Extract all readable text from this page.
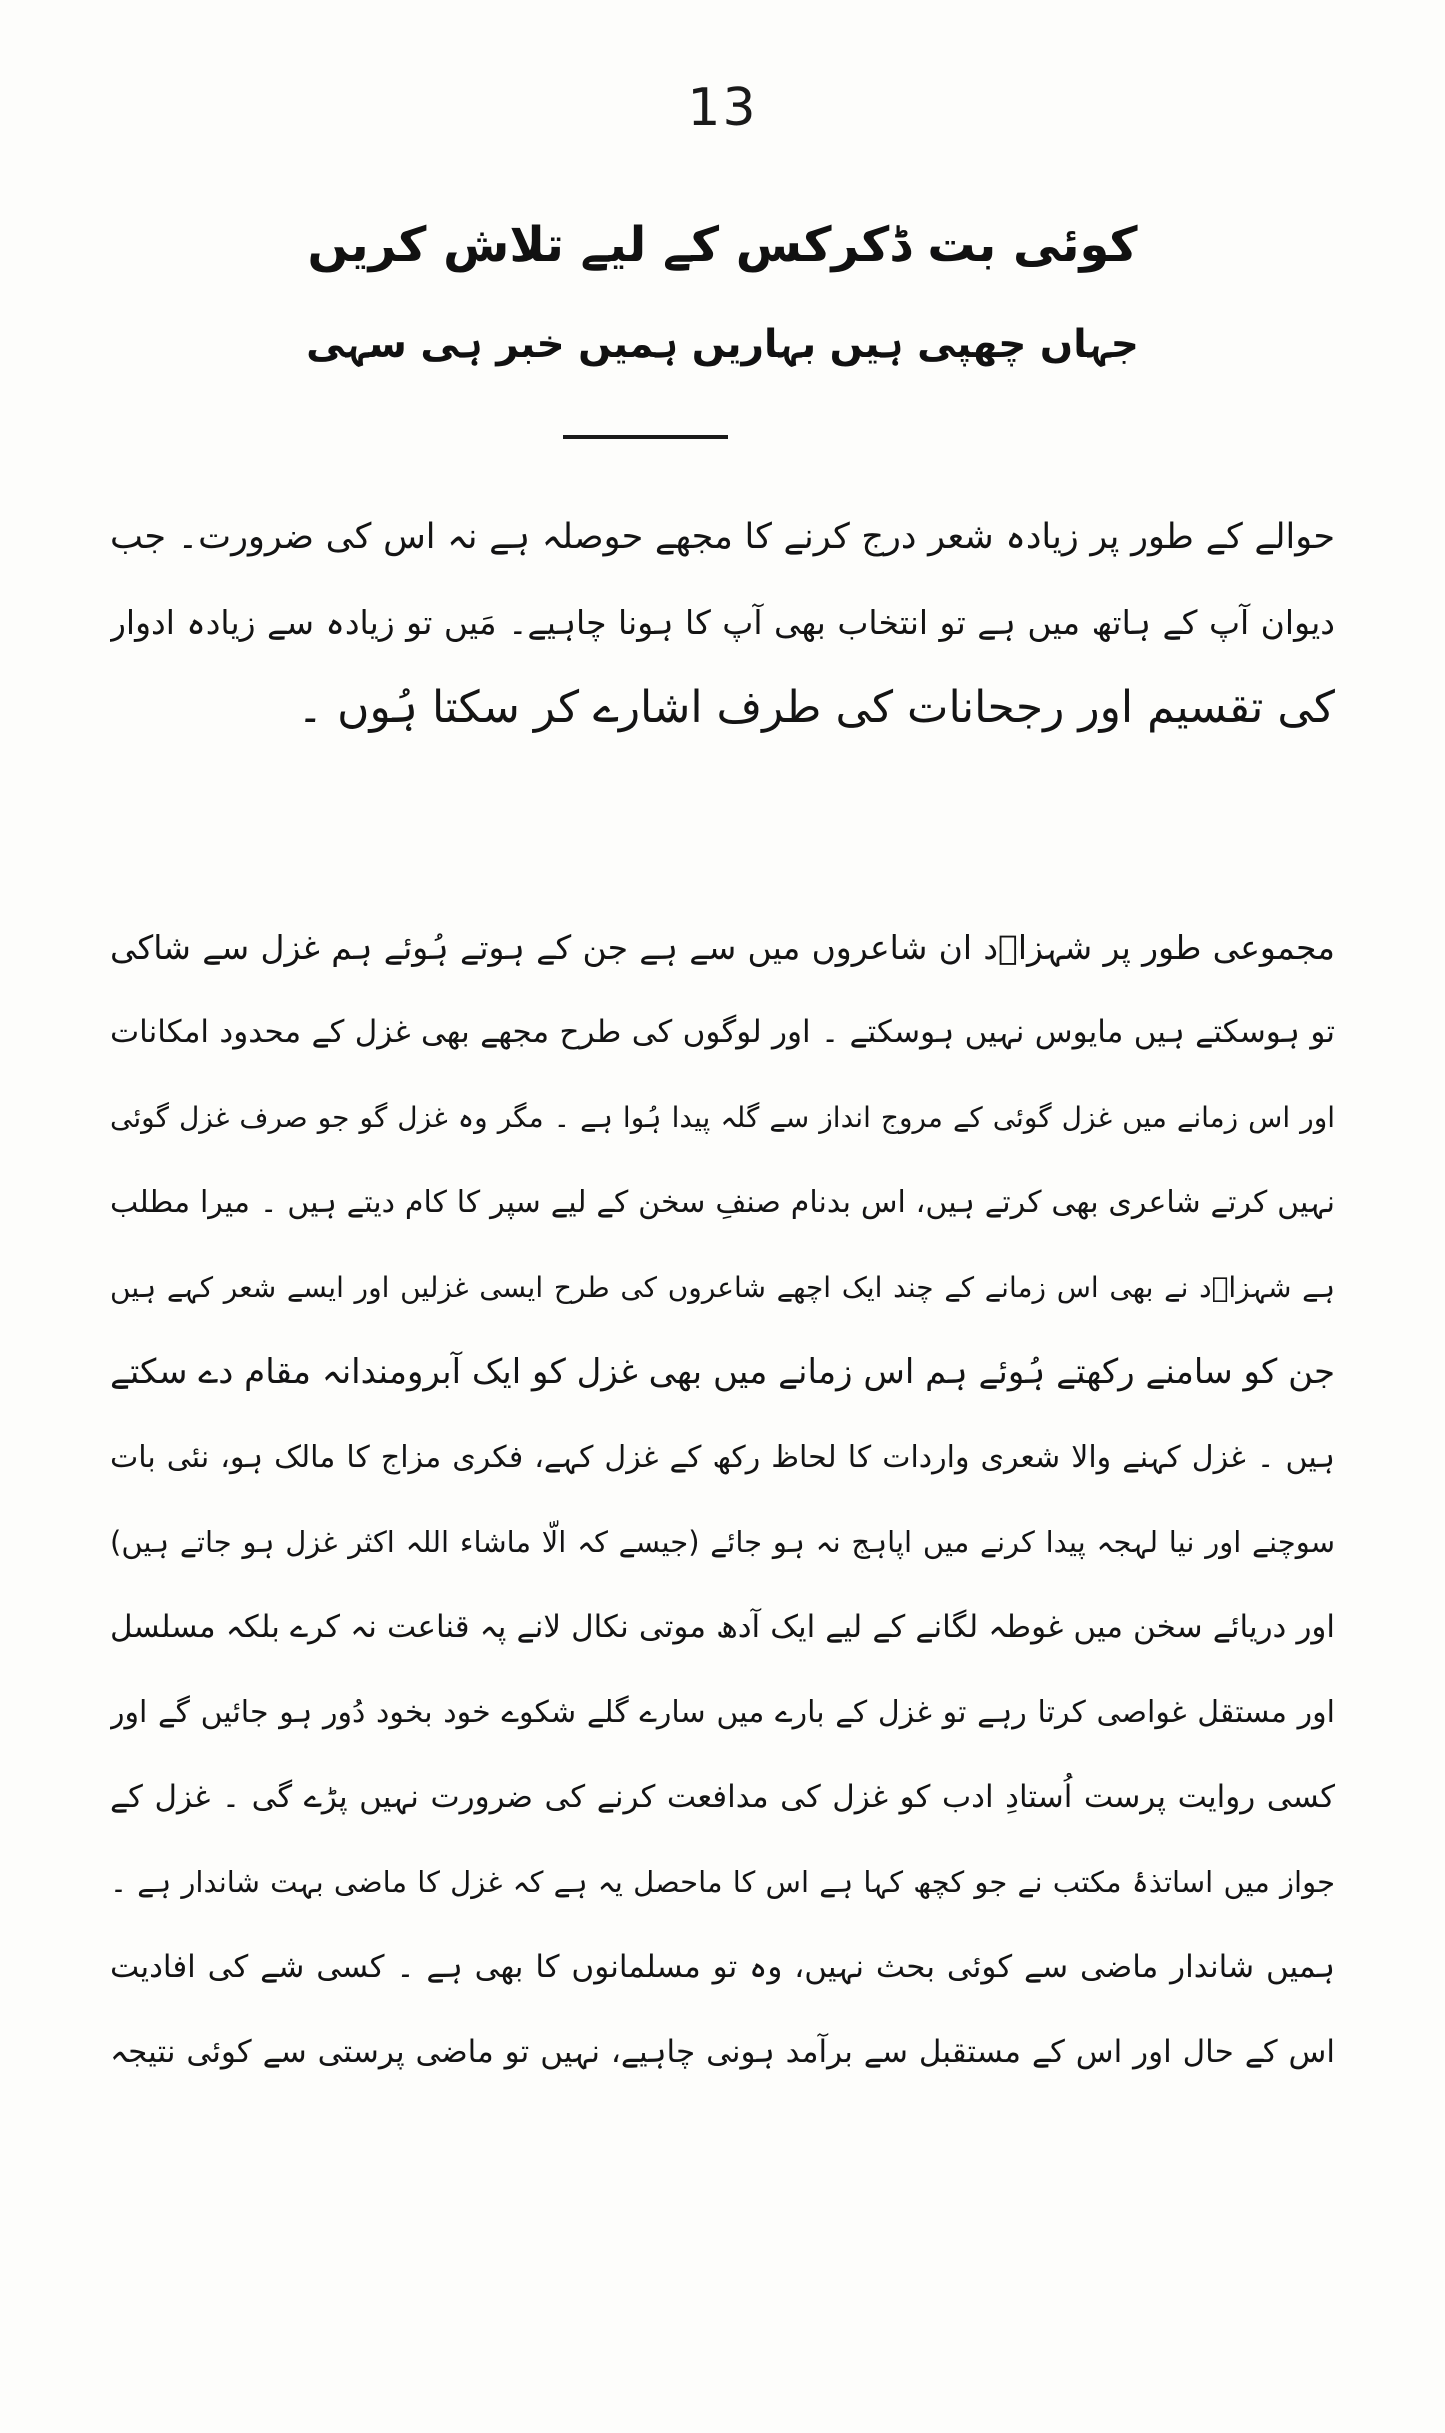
13
کوئی بت ڈکرکس کے لیے تلاش کریں
جہاں چھپی ہیں بہاریں ہمیں خبر ہی سہی
حوالے کے طور پر زیادہ شعر درج کرنے کا مجھے حوصلہ ہے نہ اس کی ضرورت۔ جب
دیوان آپ کے ہاتھ میں ہے تو انتخاب بھی آپ کا ہونا چاہیے۔ مَیں تو زیادہ سے زیادہ ادوار
کی تقسیم اور رجحانات کی طرف اشارے کر سکتا ہُوں ۔
مجموعی طور پر شہزاؔد ان شاعروں میں سے ہے جن کے ہوتے ہُوئے ہم غزل سے شاکی
تو ہوسکتے ہیں مایوس نہیں ہوسکتے ۔ اور لوگوں کی طرح مجھے بھی غزل کے محدود امکانات
اور اس زمانے میں غزل گوئی کے مروج انداز سے گلہ پیدا ہُوا ہے ۔ مگر وہ غزل گو جو صرف غزل گوئی
نہیں کرتے شاعری بھی کرتے ہیں، اس بدنام صنفِ سخن کے لیے سپر کا کام دیتے ہیں ۔ میرا مطلب
ہے شہزاؔد نے بھی اس زمانے کے چند ایک اچھے شاعروں کی طرح ایسی غزلیں اور ایسے شعر کہے ہیں
جن کو سامنے رکھتے ہُوئے ہم اس زمانے میں بھی غزل کو ایک آبرومندانہ مقام دے سکتے
ہیں ۔ غزل کہنے والا شعری واردات کا لحاظ رکھ کے غزل کہے، فکری مزاج کا مالک ہو، نئی بات
سوچنے اور نیا لہجہ پیدا کرنے میں اپاہج نہ ہو جائے (جیسے کہ الّا ماشاء اللہ اکثر غزل ہو جاتے ہیں)
اور دریائے سخن میں غوطہ لگانے کے لیے ایک آدھ موتی نکال لانے پہ قناعت نہ کرے بلکہ مسلسل
اور مستقل غواصی کرتا رہے تو غزل کے بارے میں سارے گلے شکوے خود بخود دُور ہو جائیں گے اور
کسی روایت پرست اُستادِ ادب کو غزل کی مدافعت کرنے کی ضرورت نہیں پڑے گی ۔ غزل کے
جواز میں اساتذۂ مکتب نے جو کچھ کہا ہے اس کا ماحصل یہ ہے کہ غزل کا ماضی بہت شاندار ہے ۔
ہمیں شاندار ماضی سے کوئی بحث نہیں، وہ تو مسلمانوں کا بھی ہے ۔ کسی شے کی افادیت
اس کے حال اور اس کے مستقبل سے برآمد ہونی چاہیے، نہیں تو ماضی پرستی سے کوئی نتیجہ
